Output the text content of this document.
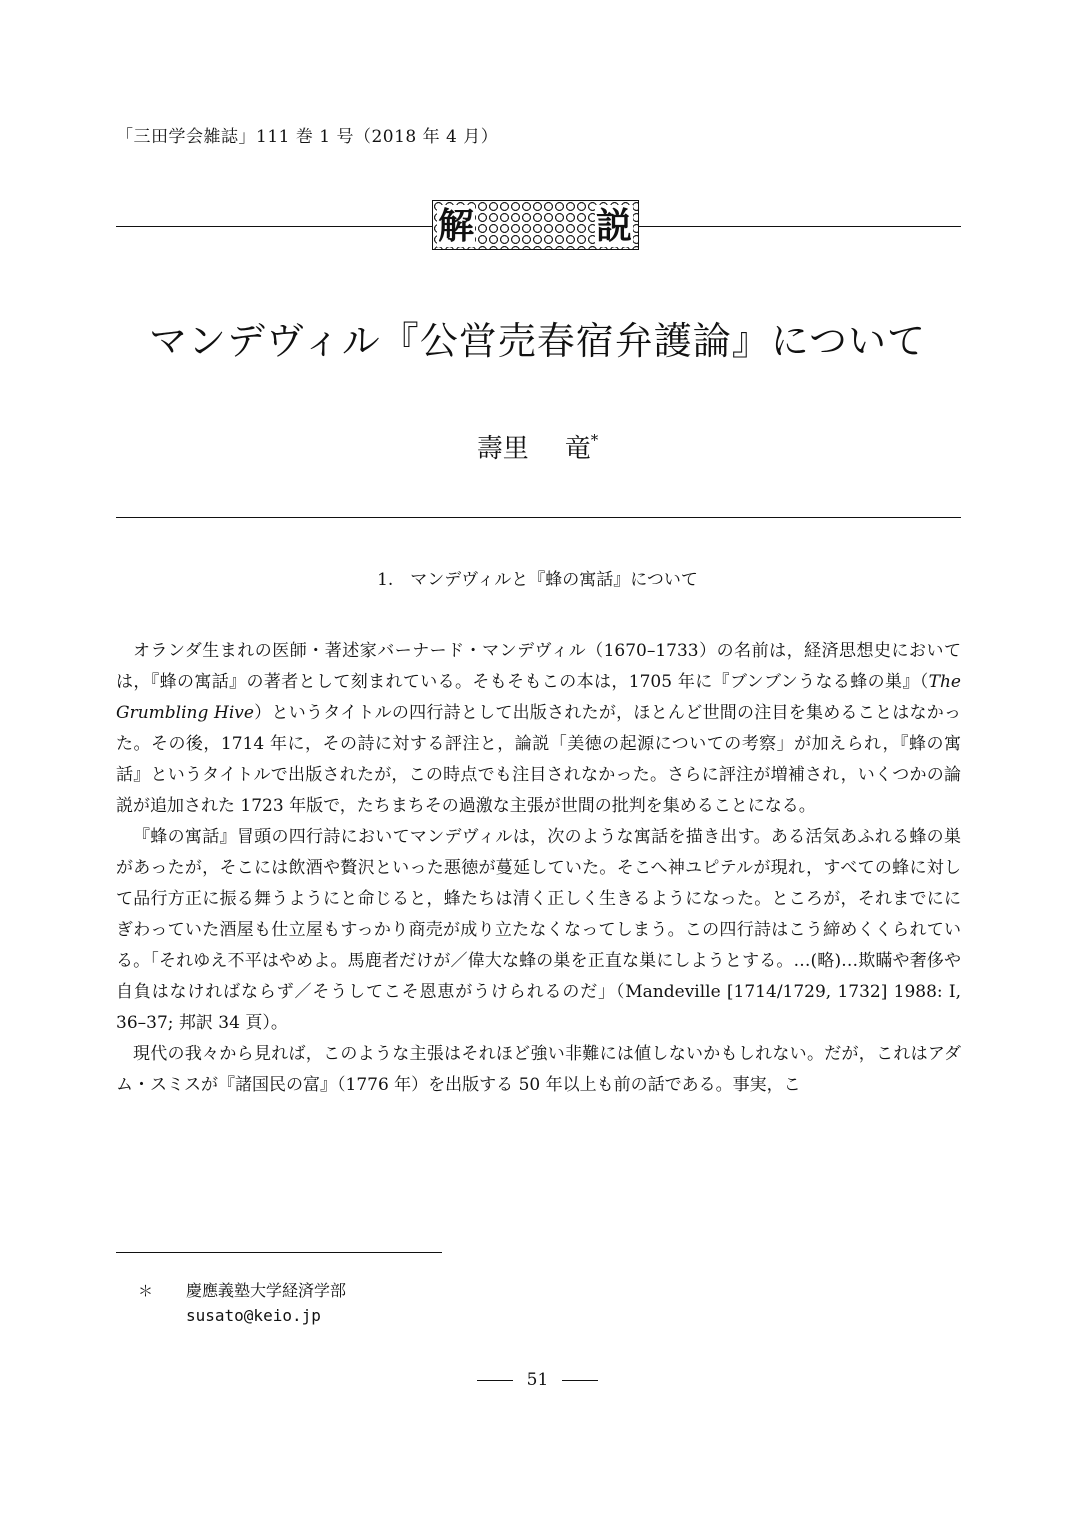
「三田学会雑誌」111 巻 1 号（2018 年 4 月）
解	説
マンデヴィル『公営売春宿弁護論』について
壽里 竜*
1.　マンデヴィルと『蜂の寓話』について

オランダ生まれの医師・著述家バーナード・マンデヴィル（1670–1733）の名前は，経済思想史においては，『蜂の寓話』の著者として刻まれている。そもそもこの本は，1705 年に『ブンブンうなる蜂の巣』（The Grumbling Hive）というタイトルの四行詩として出版されたが，ほとんど世間の注目を集めることはなかった。その後，1714 年に，その詩に対する評注と，論説「美徳の起源についての考察」が加えられ，『蜂の寓話』というタイトルで出版されたが，この時点でも注目されなかった。さらに評注が増補され，いくつかの論説が追加された 1723 年版で，たちまちその過激な主張が世間の批判を集めることになる。

『蜂の寓話』冒頭の四行詩においてマンデヴィルは，次のような寓話を描き出す。ある活気あふれる蜂の巣があったが，そこには飲酒や贅沢といった悪徳が蔓延していた。そこへ神ユピテルが現れ，すべての蜂に対して品行方正に振る舞うようにと命じると，蜂たちは清く正しく生きるようになった。ところが，それまでににぎわっていた酒屋も仕立屋もすっかり商売が成り立たなくなってしまう。この四行詩はこう締めくくられている。「それゆえ不平はやめよ。馬鹿者だけが／偉大な蜂の巣を正直な巣にしようとする。…(略)…欺瞞や奢侈や自負はなければならず／そうしてこそ恩恵がうけられるのだ」（Mandeville [1714/1729, 1732] 1988: I, 36–37; 邦訳 34 頁）。

現代の我々から見れば，このような主張はそれほど強い非難には値しないかもしれない。だが，これはアダム・スミスが『諸国民の富』（1776 年）を出版する 50 年以上も前の話である。事実，こ

＊ 慶應義塾大学経済学部
susato@keio.jp
51
